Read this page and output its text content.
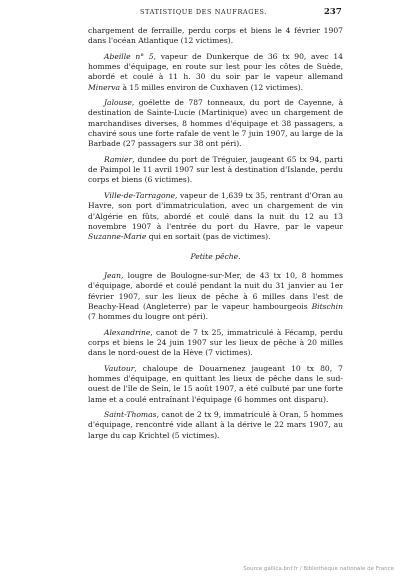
STATISTIQUE DES NAUFRAGES.	237

chargement de ferraille, perdu corps et biens le 4 février 1907 dans l'océan Atlantique (12 victimes).

Abeille n° 5, vapeur de Dunkerque de 36 tx 90, avec 14 hommes d'équipage, en route sur lest pour les côtes de Suède, abordé et coulé à 11 h. 30 du soir par le vapeur allemand Minerva à 15 milles environ de Cuxhaven (12 victimes).

Jalouse, goélette de 787 tonneaux, du port de Cayenne, à destination de Sainte-Lucie (Martinique) avec un chargement de marchandises diverses, 8 hommes d'équipage et 38 passagers, a chaviré sous une forte rafale de vent le 7 juin 1907, au large de la Barbade (27 passagers sur 38 ont péri).

Ramier, dundee du port de Tréguier, jaugeant 65 tx 94, parti de Paimpol le 11 avril 1907 sur lest à destination d'Islande, perdu corps et biens (6 victimes).

Ville-de-Tarragone, vapeur de 1,639 tx 35, rentrant d'Oran au Havre, son port d'immatriculation, avec un chargement de vin d'Algérie en fûts, abordé et coulé dans la nuit du 12 au 13 novembre 1907 à l'entrée du port du Havre, par le vapeur Suzanne-Marie qui en sortait (pas de victimes).

Petite pêche.

Jean, lougre de Boulogne-sur-Mer, de 43 tx 10, 8 hommes d'équipage, abordé et coulé pendant la nuit du 31 janvier au 1er février 1907, sur les lieux de pêche à 6 milles dans l'est de Beachy-Head (Angleterre) par le vapeur hambourgeois Bitschin (7 hommes du lougre ont péri).

Alexandrine, canot de 7 tx 25, immatriculé à Fécamp, perdu corps et biens le 24 juin 1907 sur les lieux de pêche à 20 milles dans le nord-ouest de la Hève (7 victimes).

Vautour, chaloupe de Douarnenez jaugeant 10 tx 80, 7 hommes d'équipage, en quittant les lieux de pêche dans le sud-ouest de l'île de Sein, le 15 août 1907, a été culbuté par une forte lame et a coulé entraînant l'équipage (6 hommes ont disparu).

Saint-Thomas, canot de 2 tx 9, immatriculé à Oran, 5 hommes d'équipage, rencontré vide allant à la dérive le 22 mars 1907, au large du cap Krichtel (5 victimes).

Source gallica.bnf.fr / Bibliothèque nationale de France
